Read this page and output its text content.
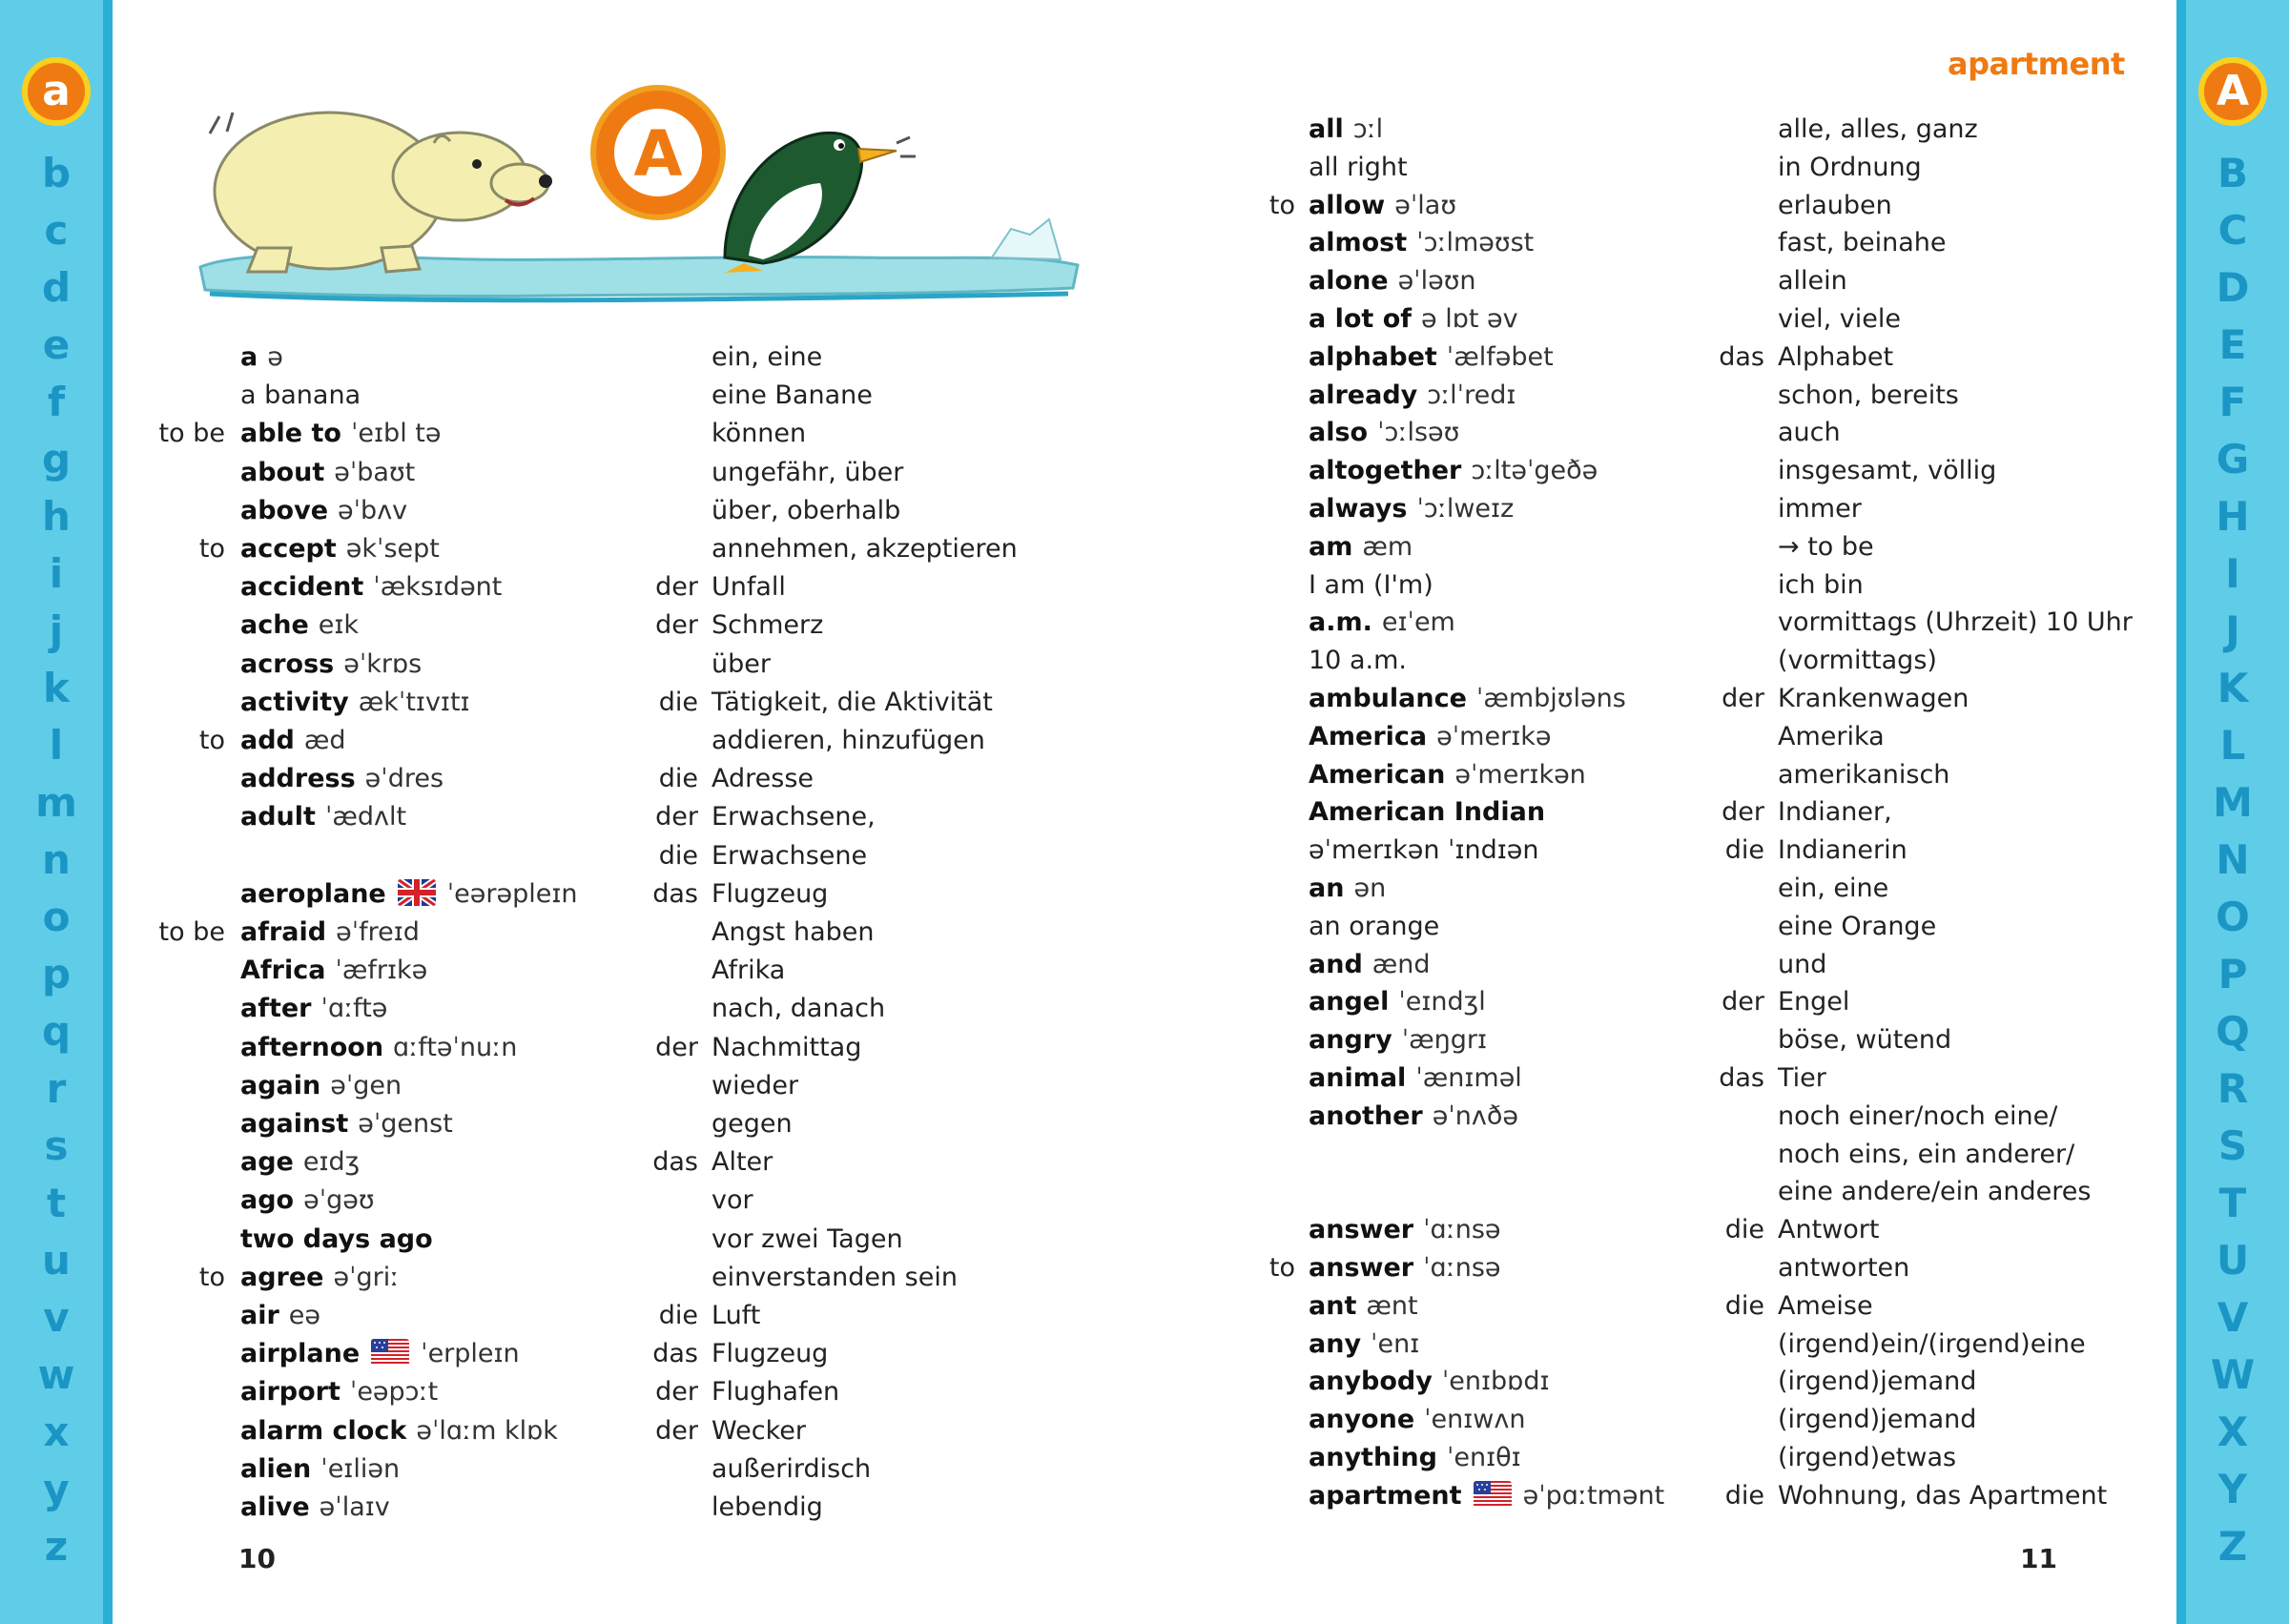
a
b
c
d
e
f
g
h
i
j
k
l
m
n
o
p
q
r
s
t
u
v
w
x
y
z
A
B
C
D
E
F
G
H
I
J
K
L
M
N
O
P
Q
R
S
T
U
V
W
X
Y
Z
apartment
A
a ə	ein, eine
a banana	eine Banane
to be able to ˈeɪbl tə	können
about əˈbaʊt	ungefähr, über
above əˈbʌv	über, oberhalb
to accept əkˈsept	annehmen, akzeptieren
accident ˈæksɪdənt	der Unfall
ache eɪk	der Schmerz
across əˈkrɒs	über
activity ækˈtɪvɪtɪ	die Tätigkeit, die Aktivität
to add æd	addieren, hinzufügen
address əˈdres	die Adresse
adult ˈædʌlt	der Erwachsene,
die Erwachsene
aeroplane ˈeərəpleɪn	das Flugzeug
to be afraid əˈfreɪd	Angst haben
Africa ˈæfrɪkə	Afrika
after ˈɑːftə	nach, danach
afternoon ɑːftəˈnuːn	der Nachmittag
again əˈgen	wieder
against əˈgenst	gegen
age eɪdʒ	das Alter
ago əˈgəʊ	vor
two days ago	vor zwei Tagen
to agree əˈgriː	einverstanden sein
air eə	die Luft
airplane ˈerpleɪn	das Flugzeug
airport ˈeəpɔːt	der Flughafen
alarm clock əˈlɑːm klɒk	der Wecker
alien ˈeɪliən	außerirdisch
alive əˈlaɪv	lebendig
all ɔːl	alle, alles, ganz
all right	in Ordnung
to allow əˈlaʊ	erlauben
almost ˈɔːlməʊst	fast, beinahe
alone əˈləʊn	allein
a lot of ə lɒt əv	viel, viele
alphabet ˈælfəbet	das Alphabet
already ɔːlˈredɪ	schon, bereits
also ˈɔːlsəʊ	auch
altogether ɔːltəˈgeðə	insgesamt, völlig
always ˈɔːlweɪz	immer
am æm	→ to be
I am (I'm)	ich bin
a.m. eɪˈem	vormittags (Uhrzeit) 10 Uhr
10 a.m.	(vormittags)
ambulance ˈæmbjʊləns	der Krankenwagen
America əˈmerɪkə	Amerika
American əˈmerɪkən	amerikanisch
American Indian	der Indianer,
əˈmerɪkən ˈɪndɪən	die Indianerin
an ən	ein, eine
an orange	eine Orange
and ænd	und
angel ˈeɪndʒl	der Engel
angry ˈæŋgrɪ	böse, wütend
animal ˈænɪməl	das Tier
another əˈnʌðə	noch einer/noch eine/
noch eins, ein anderer/
eine andere/ein anderes
answer ˈɑːnsə	die Antwort
to answer ˈɑːnsə	antworten
ant ænt	die Ameise
any ˈenɪ	(irgend)ein/(irgend)eine
anybody ˈenɪbɒdɪ	(irgend)jemand
anyone ˈenɪwʌn	(irgend)jemand
anything ˈenɪθɪ	(irgend)etwas
apartment əˈpɑːtmənt	die Wohnung, das Apartment
10	11
